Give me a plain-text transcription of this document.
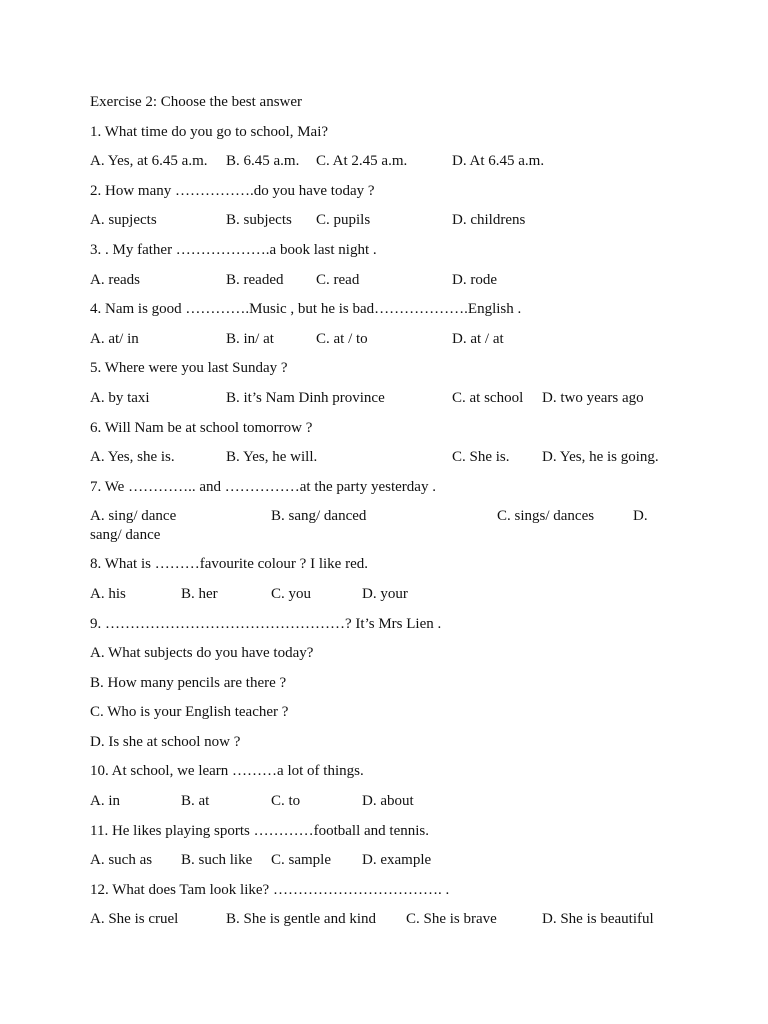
Exercise 2: Choose the best answer
1. What time do you go to school, Mai?
A. Yes, at 6.45 a.m. B. 6.45 a.m. C. At 2.45 a.m.	D. At 6.45 a.m.
2. How many …………….do you have today ?
A. supjects	B. subjects C. pupils	D. childrens
3. . My father ……………….a book last night .
A. reads	B. readed C. read	D. rode
4. Nam is good ………….Music , but he is bad……………….English .
A. at/ in	B. in/ at	C. at / to	D. at / at
5. Where were you last Sunday ?
A. by taxi	B. it’s Nam Dinh province	C. at school D. two years ago
6. Will Nam be at school tomorrow ?
A. Yes, she is.	B. Yes, he will.	C. She is. D. Yes, he is going.
7. We ………….. and ……………at the party yesterday .
A. sing/ dance	B. sang/ danced	C. sings/ dances	D.
sang/ dance
8. What is ………favourite colour ? I like red.
A. his	B. her	C. you	D. your
9. …………………………………………? It’s Mrs Lien .
A. What subjects do you have today?
B. How many pencils are there ?
C. Who is your English teacher ?
D. Is she at school now ?
10. At school, we learn ………a lot of things.
A. in	B. at	C. to	D. about
11. He likes playing sports …………football and tennis.
A. such as B. such like C. sample D. example
12. What does Tam look like? ……………………………. .
A. She is cruel	B. She is gentle and kind C. She is brave	D. She is beautiful
